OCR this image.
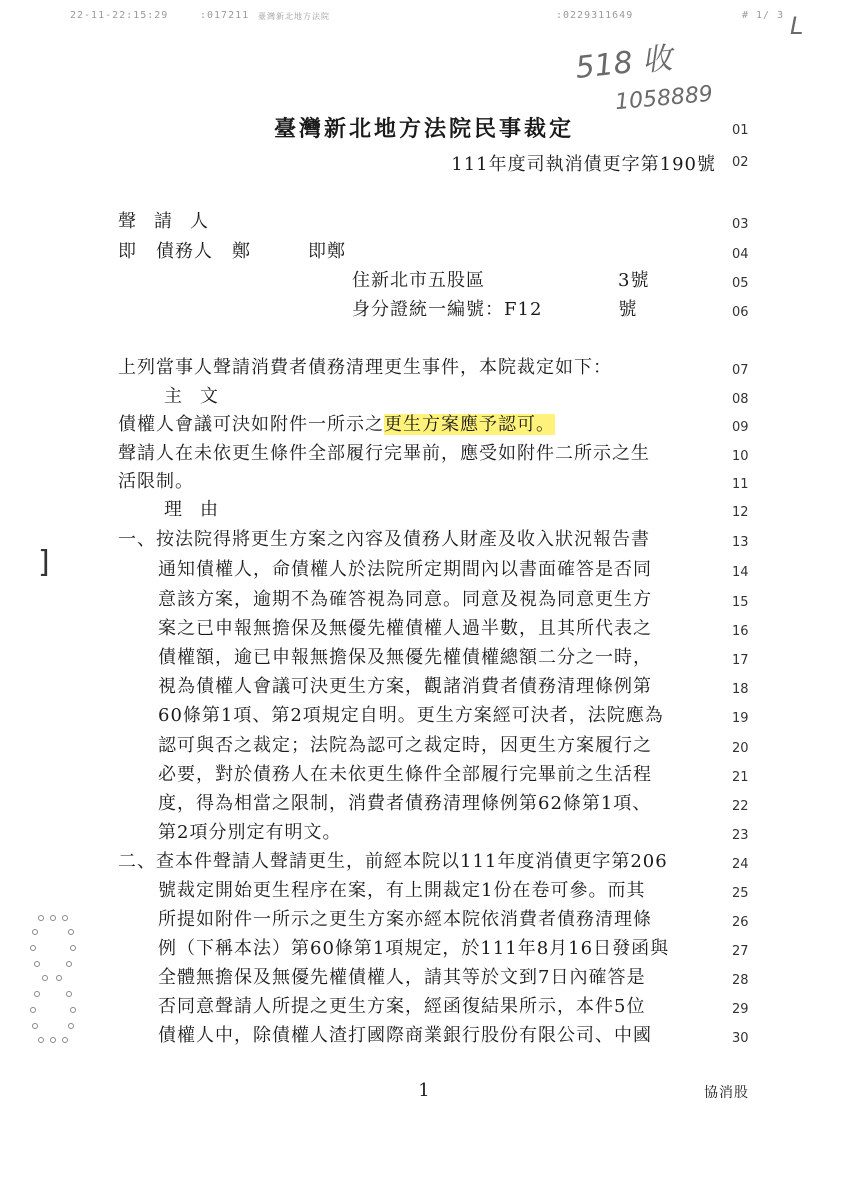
22-11-22:15:29	:017211 臺灣新北地方法院	:0229311649	# 1/ 3
518 收
1058889
L
]
臺灣新北地方法院民事裁定	01
111年度司執消債更字第190號 02
聲請人	03
即　債務人　鄭　　　即鄭	04
住新北市五股區　　　　　　　3號	05
身分證統一編號：F12　　　　號	06
上列當事人聲請消費者債務清理更生事件，本院裁定如下：	07
主文	08
債權人會議可決如附件一所示之更生方案應予認可。	09
聲請人在未依更生條件全部履行完畢前，應受如附件二所示之生	10
活限制。	11
理由	12
一、按法院得將更生方案之內容及債務人財產及收入狀況報告書	13
通知債權人，命債權人於法院所定期間內以書面確答是否同	14
意該方案，逾期不為確答視為同意。同意及視為同意更生方	15
案之已申報無擔保及無優先權債權人過半數，且其所代表之	16
債權額，逾已申報無擔保及無優先權債權總額二分之一時，	17
視為債權人會議可決更生方案，觀諸消費者債務清理條例第	18
60條第1項、第2項規定自明。更生方案經可決者，法院應為	19
認可與否之裁定；法院為認可之裁定時，因更生方案履行之	20
必要，對於債務人在未依更生條件全部履行完畢前之生活程	21
度，得為相當之限制，消費者債務清理條例第62條第1項、	22
第2項分別定有明文。	23
二、查本件聲請人聲請更生，前經本院以111年度消債更字第206	24
號裁定開始更生程序在案，有上開裁定1份在卷可參。而其	25
所提如附件一所示之更生方案亦經本院依消費者債務清理條	26
例（下稱本法）第60條第1項規定，於111年8月16日發函與	27
全體無擔保及無優先權債權人，請其等於文到7日內確答是	28
否同意聲請人所提之更生方案，經函復結果所示，本件5位	29
債權人中，除債權人渣打國際商業銀行股份有限公司、中國	30
1	協消股
